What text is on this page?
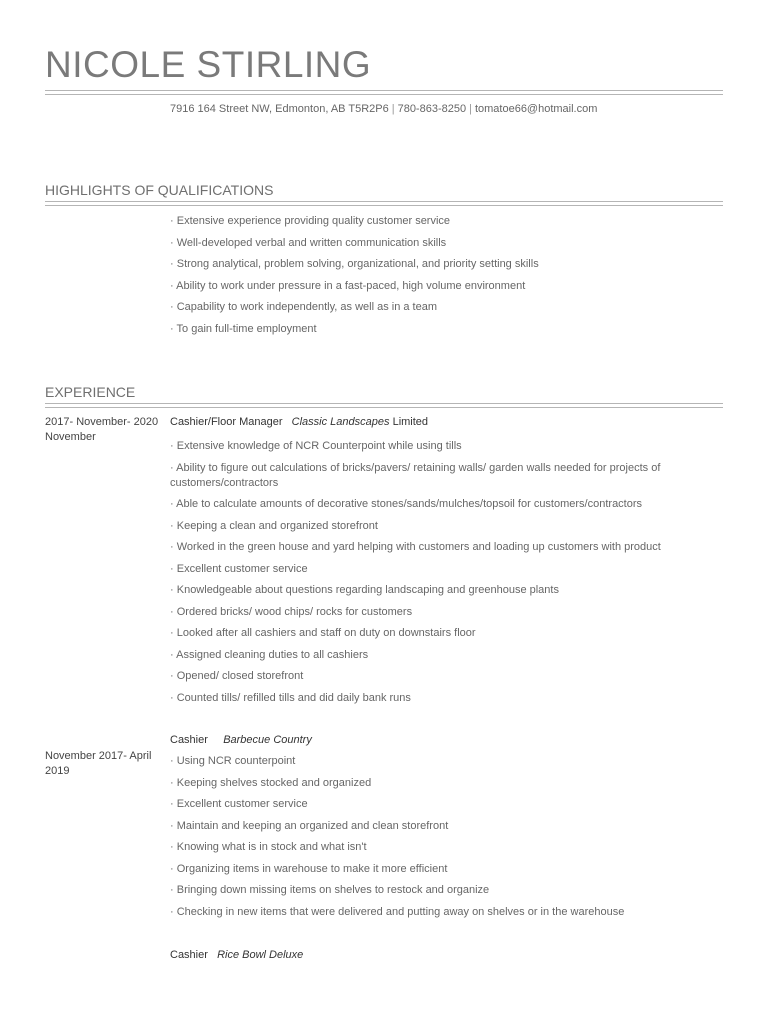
NICOLE STIRLING
7916 164 Street NW, Edmonton, AB T5R2P6 | 780-863-8250 | tomatoe66@hotmail.com
HIGHLIGHTS OF QUALIFICATIONS
· Extensive experience providing quality customer service
· Well-developed verbal and written communication skills
· Strong analytical, problem solving, organizational, and priority setting skills
· Ability to work under pressure in a fast-paced, high volume environment
· Capability to work independently, as well as in a team
· To gain full-time employment
EXPERIENCE
2017- November- 2020 November
Cashier/Floor Manager Classic Landscapes Limited
· Extensive knowledge of NCR Counterpoint while using tills
· Ability to figure out calculations of bricks/pavers/ retaining walls/ garden walls needed for projects of customers/contractors
· Able to calculate amounts of decorative stones/sands/mulches/topsoil for customers/contractors
· Keeping a clean and organized storefront
· Worked in the green house and yard helping with customers and loading up customers with product
· Excellent customer service
· Knowledgeable about questions regarding landscaping and greenhouse plants
· Ordered bricks/ wood chips/ rocks for customers
· Looked after all cashiers and staff on duty on downstairs floor
· Assigned cleaning duties to all cashiers
· Opened/ closed storefront
· Counted tills/ refilled tills and did daily bank runs
Cashier Barbecue Country
November 2017- April 2019
· Using NCR counterpoint
· Keeping shelves stocked and organized
· Excellent customer service
· Maintain and keeping an organized and clean storefront
· Knowing what is in stock and what isn't
· Organizing items in warehouse to make it more efficient
· Bringing down missing items on shelves to restock and organize
· Checking in new items that were delivered and putting away on shelves or in the warehouse
Cashier Rice Bowl Deluxe
